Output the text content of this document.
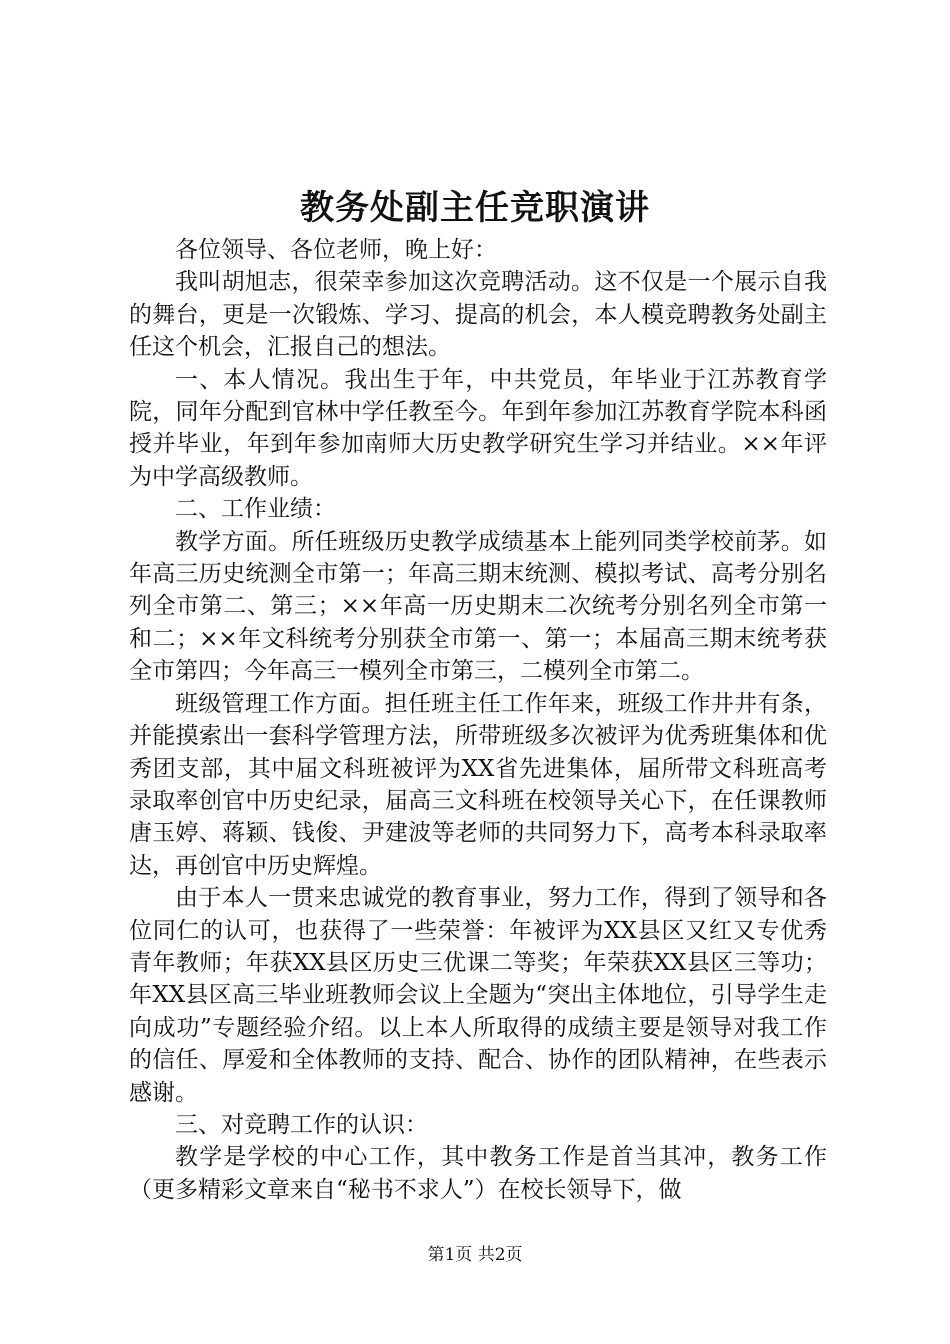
教务处副主任竞职演讲

各位领导、各位老师，晚上好：

我叫胡旭志，很荣幸参加这次竞聘活动。这不仅是一个展示自我的舞台，更是一次锻炼、学习、提高的机会，本人模竞聘教务处副主任这个机会，汇报自己的想法。

一、本人情况。我出生于年，中共党员，年毕业于江苏教育学院，同年分配到官林中学任教至今。年到年参加江苏教育学院本科函授并毕业，年到年参加南师大历史教学研究生学习并结业。××年评为中学高级教师。

二、工作业绩：

教学方面。所任班级历史教学成绩基本上能列同类学校前茅。如年高三历史统测全市第一；年高三期末统测、模拟考试、高考分别名列全市第二、第三；××年高一历史期末二次统考分别名列全市第一和二；××年文科统考分别获全市第一、第一；本届高三期末统考获全市第四；今年高三一模列全市第三，二模列全市第二。

班级管理工作方面。担任班主任工作年来，班级工作井井有条，并能摸索出一套科学管理方法，所带班级多次被评为优秀班集体和优秀团支部，其中届文科班被评为XX省先进集体，届所带文科班高考录取率创官中历史纪录，届高三文科班在校领导关心下，在任课教师唐玉婷、蒋颖、钱俊、尹建波等老师的共同努力下，高考本科录取率达，再创官中历史辉煌。

由于本人一贯来忠诚党的教育事业，努力工作，得到了领导和各位同仁的认可，也获得了一些荣誉：年被评为XX县区又红又专优秀青年教师；年获XX县区历史三优课二等奖；年荣获XX县区三等功；年XX县区高三毕业班教师会议上全题为“突出主体地位，引导学生走向成功”专题经验介绍。以上本人所取得的成绩主要是领导对我工作的信任、厚爱和全体教师的支持、配合、协作的团队精神，在些表示感谢。

三、对竞聘工作的认识：

教学是学校的中心工作，其中教务工作是首当其冲，教务工作（更多精彩文章来自“秘书不求人”）在校长领导下，做

第1页 共2页
